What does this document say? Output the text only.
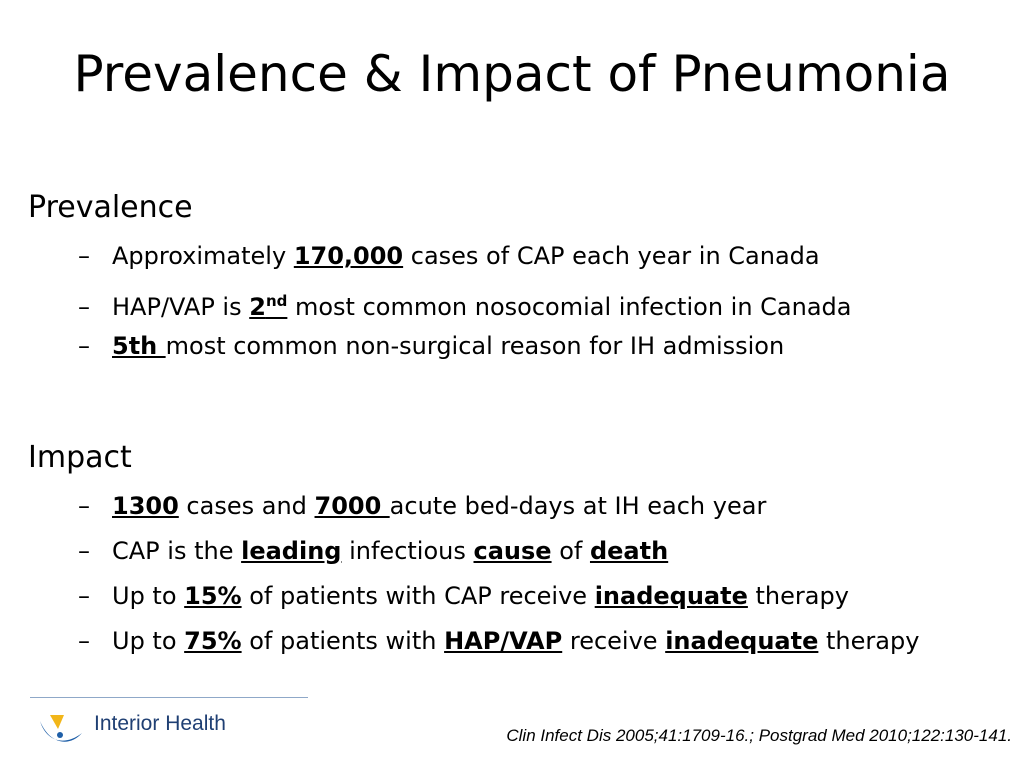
Prevalence & Impact of Pneumonia
Prevalence
– Approximately 170,000 cases of CAP each year in Canada
– HAP/VAP is 2nd most common nosocomial infection in Canada
– 5th most common non-surgical reason for IH admission
Impact
– 1300 cases and 7000 acute bed-days at IH each year
– CAP is the leading infectious cause of death
– Up to 15% of patients with CAP receive inadequate therapy
– Up to 75% of patients with HAP/VAP receive inadequate therapy
Interior Health
Clin Infect Dis 2005;41:1709-16.; Postgrad Med 2010;122:130-141.
